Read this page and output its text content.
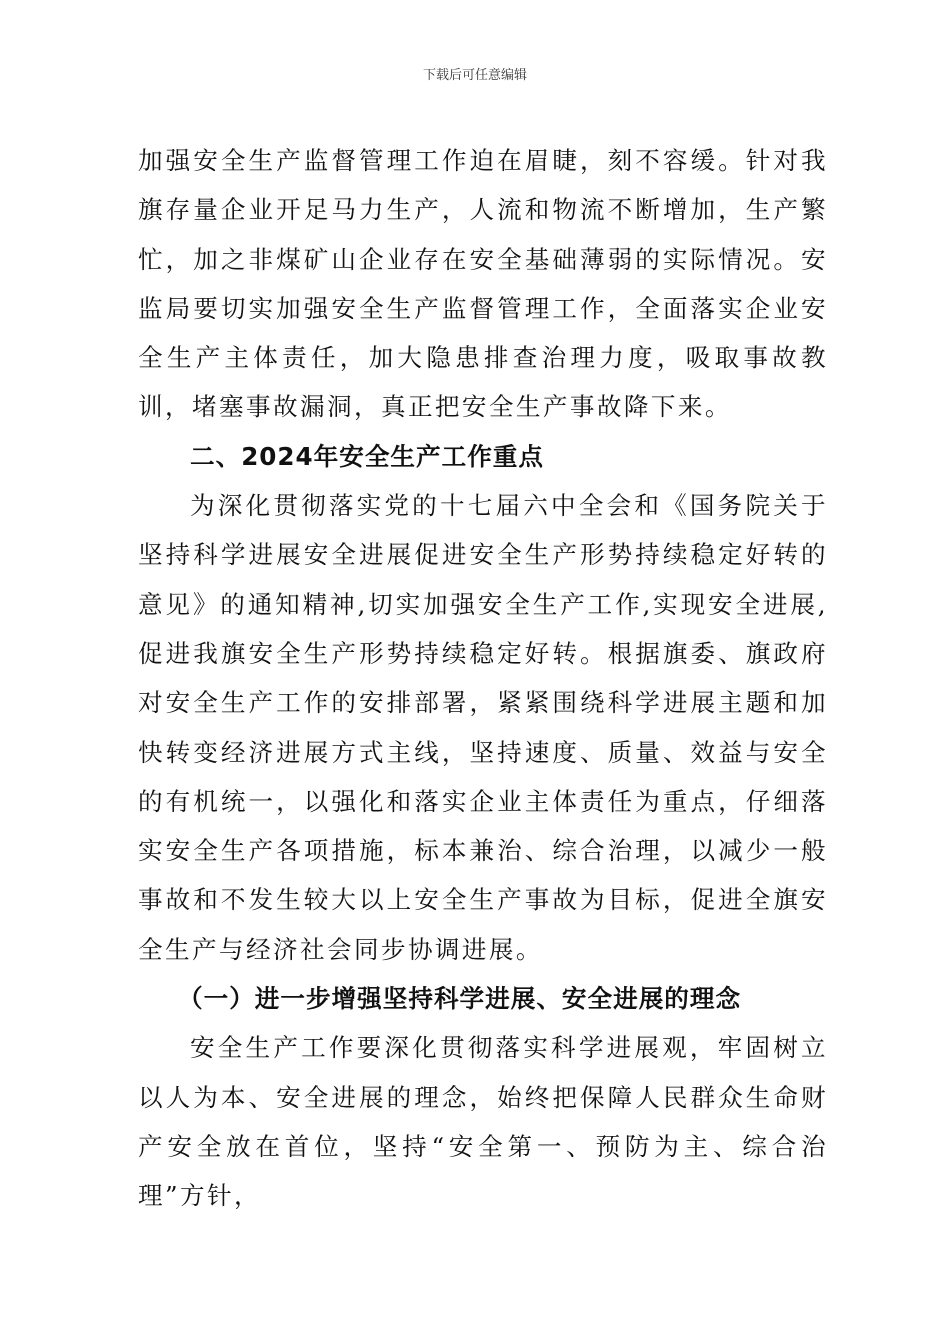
下载后可任意编辑

加强安全生产监督管理工作迫在眉睫，刻不容缓。针对我旗存量企业开足马力生产，人流和物流不断增加，生产繁忙，加之非煤矿山企业存在安全基础薄弱的实际情况。安监局要切实加强安全生产监督管理工作，全面落实企业安全生产主体责任，加大隐患排查治理力度，吸取事故教训，堵塞事故漏洞，真正把安全生产事故降下来。

二、2024年安全生产工作重点

为深化贯彻落实党的十七届六中全会和《国务院关于坚持科学进展安全进展促进安全生产形势持续稳定好转的意见》的通知精神,切实加强安全生产工作,实现安全进展,促进我旗安全生产形势持续稳定好转。根据旗委、旗政府对安全生产工作的安排部署，紧紧围绕科学进展主题和加快转变经济进展方式主线，坚持速度、质量、效益与安全的有机统一，以强化和落实企业主体责任为重点，仔细落实安全生产各项措施，标本兼治、综合治理，以减少一般事故和不发生较大以上安全生产事故为目标，促进全旗安全生产与经济社会同步协调进展。

（一）进一步增强坚持科学进展、安全进展的理念

安全生产工作要深化贯彻落实科学进展观，牢固树立以人为本、安全进展的理念，始终把保障人民群众生命财产安全放在首位，坚持“安全第一、预防为主、综合治理”方针，
